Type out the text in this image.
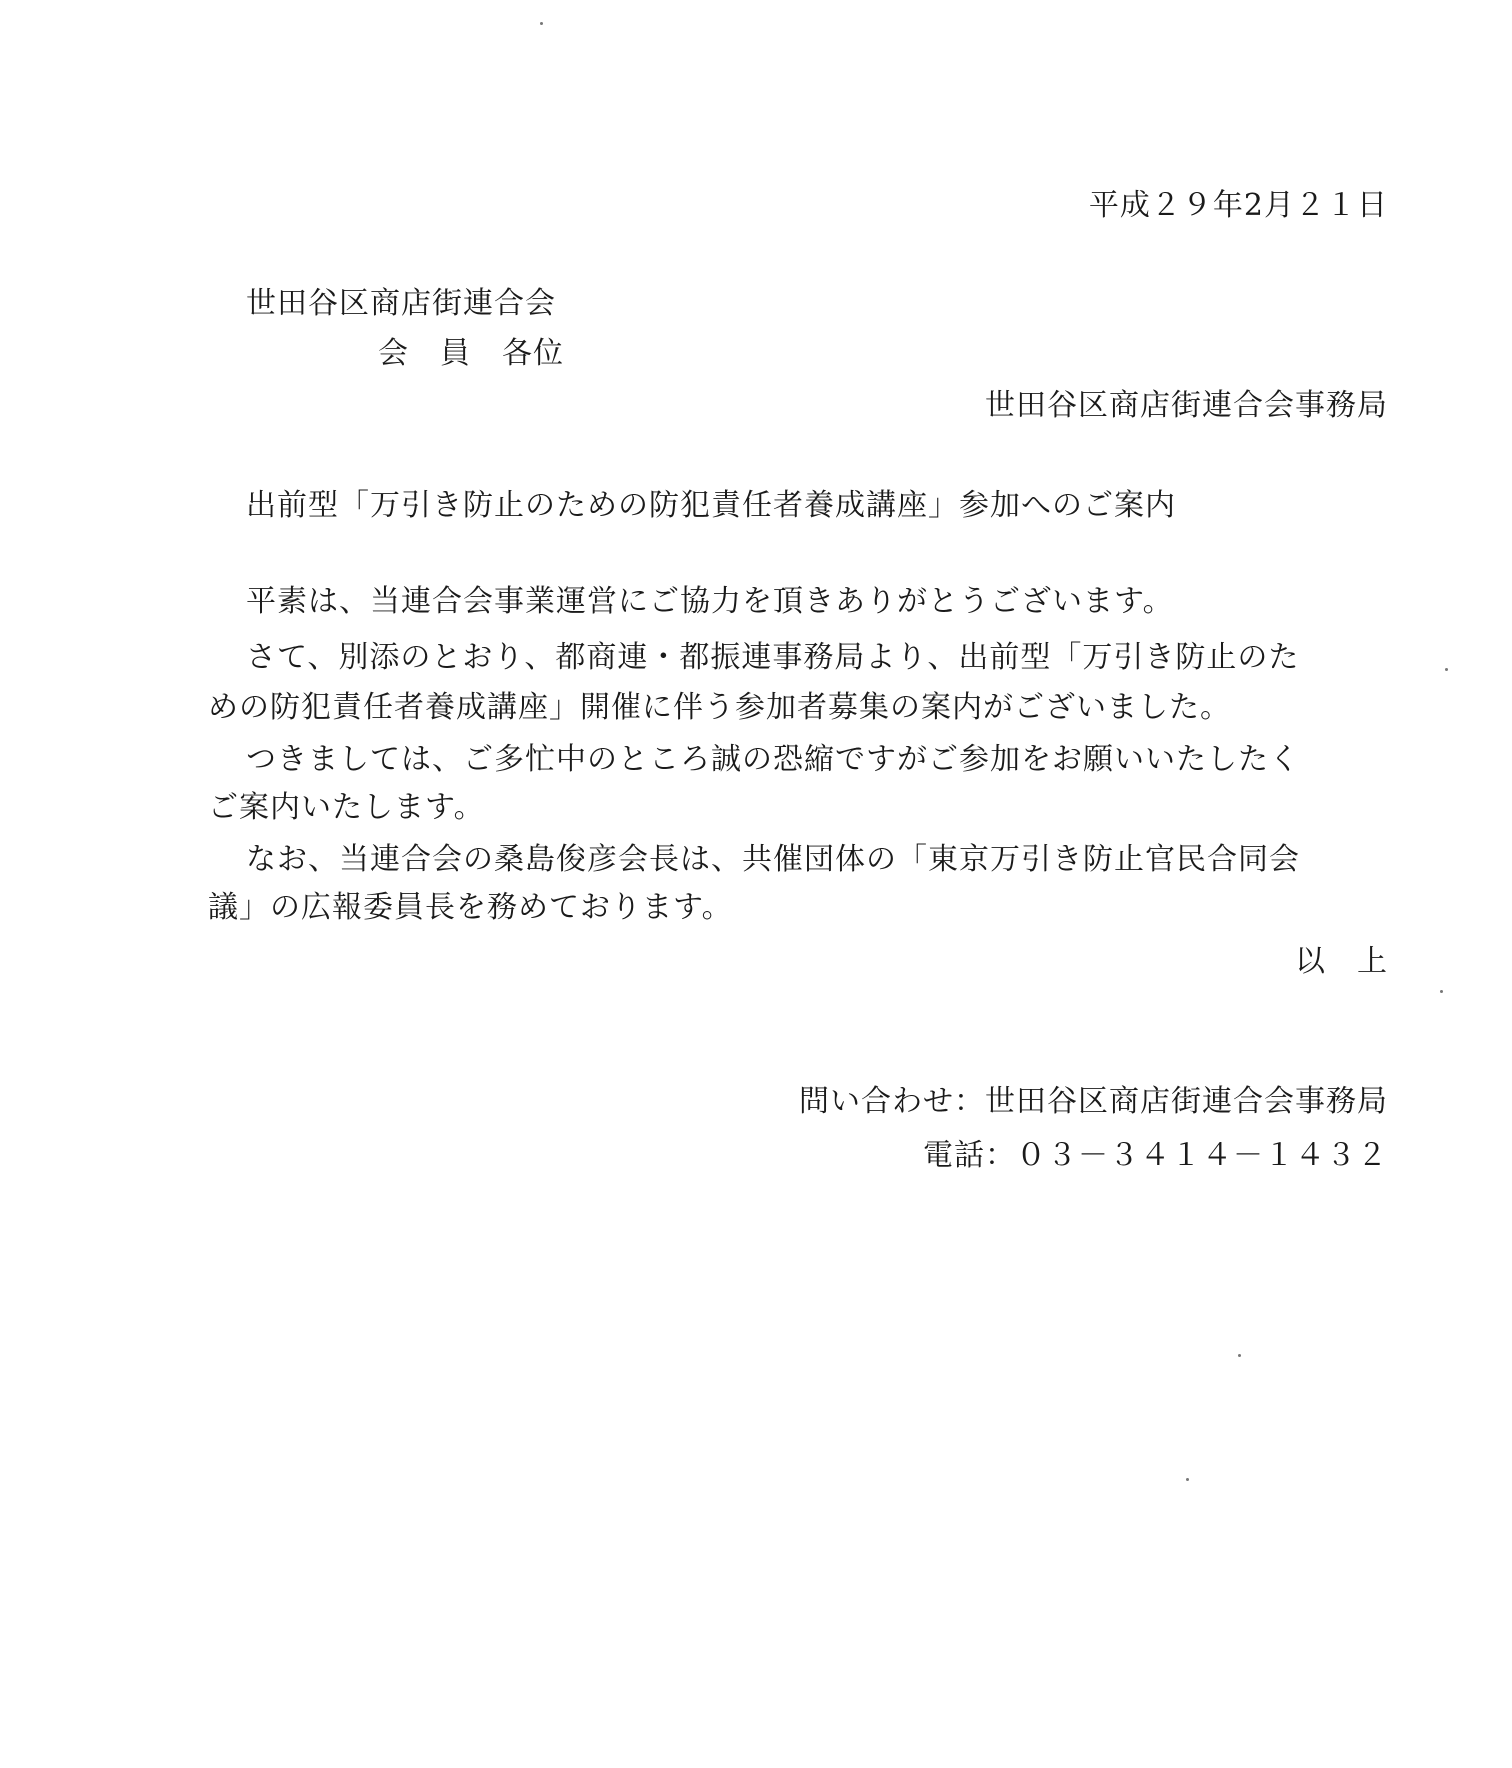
平成２９年2月２１日
世田谷区商店街連合会
会　員　各位
世田谷区商店街連合会事務局
出前型「万引き防止のための防犯責任者養成講座」参加へのご案内
平素は、当連合会事業運営にご協力を頂きありがとうございます。
さて、別添のとおり、都商連・都振連事務局より、出前型「万引き防止のた
めの防犯責任者養成講座」開催に伴う参加者募集の案内がございました。
つきましては、ご多忙中のところ誠の恐縮ですがご参加をお願いいたしたく
ご案内いたします。
なお、当連合会の桑島俊彦会長は、共催団体の「東京万引き防止官民合同会
議」の広報委員長を務めております。
以　上
問い合わせ：世田谷区商店街連合会事務局
電話：０３－３４１４－１４３２
